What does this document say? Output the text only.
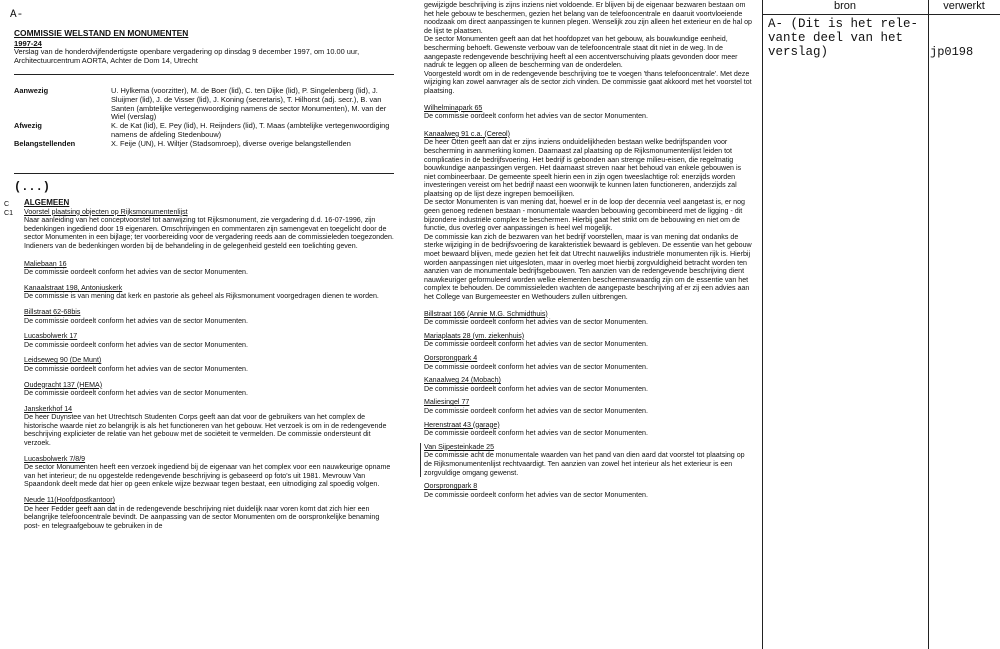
A-
COMMISSIE WELSTAND EN MONUMENTEN
1997-24
Verslag van de honderdvijfendertigste openbare vergadering op dinsdag 9 december 1997, om 10.00 uur, Architectuurcentrum AORTA, Achter de Dom 14, Utrecht
Aanwezig	U. Hylkema (voorzitter), M. de Boer (lid), C. ten Dijke (lid), P. Singelenberg (lid), J. Sluijmer (lid), J. de Visser (lid), J. Koning (secretaris), T. Hilhorst (adj. secr.), B. van Santen (ambtelijke vertegenwoordiging namens de sector Monumenten), M. van der Wiel (verslag)
Afwezig	K. de Kat (lid), E. Pey (lid), H. Reijnders (lid), T. Maas (ambtelijke vertegenwoordiging namens de afdeling Stedenbouw)
Belangstellenden	X. Feije (UN), H. Wiltjer (Stadsomroep), diverse overige belangstellenden
(...)
C
C1
ALGEMEEN
Voorstel plaatsing objecten op Rijksmonumentenlijst
Naar aanleiding van het conceptvoorstel tot aanwijzing tot Rijksmonument, zie vergadering d.d. 16-07-1996, zijn bedenkingen ingediend door 19 eigenaren. Omschrijvingen en commentaren zijn samengevat en toegelicht door de sector Monumenten in een bijlage; ter voorbereiding voor de vergadering reeds aan de commissieleden toegezonden. Indieners van de bedenkingen worden bij de behandeling in de gelegenheid gesteld een toelichting geven.
Maliebaan 16
De commissie oordeelt conform het advies van de sector Monumenten.
Kanaalstraat 198, Antoniuskerk
De commissie is van mening dat kerk en pastorie als geheel als Rijksmonument voorgedragen dienen te worden.
Billstraat 62-68bis
De commissie oordeelt conform het advies van de sector Monumenten.
Lucasbolwerk 17
De commissie oordeelt conform het advies van de sector Monumenten.
Leidseweg 90 (De Munt)
De commissie oordeelt conform het advies van de sector Monumenten.
Oudegracht 137 (HEMA)
De commissie oordeelt conform het advies van de sector Monumenten.
Janskerkhof 14
De heer Duynstee van het Utrechtsch Studenten Corps geeft aan dat voor de gebruikers van het complex de historische waarde niet zo belangrijk is als het functioneren van het gebouw. Het verzoek is om in de redengevende beschrijving explicieter de relatie van het gebouw met de sociëteit te vermelden. De commissie ondersteunt dit verzoek.
Lucasbolwerk 7/8/9
De sector Monumenten heeft een verzoek ingediend bij de eigenaar van het complex voor een nauwkeurige opname van het interieur; de nu opgestelde redengevende beschrijving is gebaseerd op foto's uit 1981. Mevrouw Van Spaandonk deelt mede dat hier op geen enkele wijze bezwaar tegen bestaat, een uitnodiging zal spoedig volgen.
Neude 11(Hoofdpostkantoor)
De heer Fedder geeft aan dat in de redengevende beschrijving niet duidelijk naar voren komt dat zich hier een belangrijke telefooncentrale bevindt. De aanpassing van de sector Monumenten om de oorspronkelijke benaming post- en telegraafgebouw te gebruiken in de
gewijzigde beschrijving is zijns inziens niet voldoende. Er blijven bij de eigenaar bezwaren bestaan om het hele gebouw te beschermen, gezien het belang van de telefooncentrale en daaruit voortvloeiende noodzaak om direct aanpassingen te kunnen plegen. Wenselijk zou zijn alleen het exterieur en de hal op de lijst te plaatsen.
De sector Monumenten geeft aan dat het hoofdopzet van het gebouw, als bouwkundige eenheid, bescherming behoeft. Gewenste verbouw van de telefooncentrale staat dit niet in de weg. In de aangepaste redengevende beschrijving heeft al een accentverschuiving plaats gevonden door meer nadruk te leggen op alleen de bescherming van de onderdelen.
Voorgesteld wordt om in de redengevende beschrijving toe te voegen 'thans telefooncentrale'. Met deze wijziging kan zowel aanvrager als de sector zich vinden. De commissie gaat akkoord met het voorstel tot plaatsing.
Wilhelminapark 65
De commissie oordeelt conform het advies van de sector Monumenten.
Kanaalweg 91 c.a. (Cereol)
De heer Otten geeft aan dat er zijns inziens onduidelijkheden bestaan welke bedrijfspanden voor bescherming in aanmerking komen. Daarnaast zal plaatsing op de Rijksmonumentenlijst leiden tot complicaties in de bedrijfsvoering. Het bedrijf is gebonden aan strenge milieu-eisen, die regelmatig bouwkundige aanpassingen vergen. Het daarnaast streven naar het behoud van enkele gebouwen is niet combineerbaar. De gemeente speelt hierin een in zijn ogen tweeslachtige rol: enerzijds worden investeringen vereist om het bedrijf naast een woonwijk te kunnen laten functioneren, anderzijds zal plaatsing op de lijst deze ingrepen bemoeilijken.
De sector Monumenten is van mening dat, hoewel er in de loop der decennia veel aangetast is, er nog geen genoeg redenen bestaan - monumentale waarden bebouwing gecombineerd met de ligging - dit bijzondere industriële complex te beschermen. Hierbij gaat het strikt om de bebouwing en niet om de functie, dus overleg over aanpassingen is heel wel mogelijk.
De commissie kan zich de bezwaren van het bedrijf voorstellen, maar is van mening dat ondanks de sterke wijziging in de bedrijfsvoering de karakteristiek bewaard is gebleven. De essentie van het gebouw moet bewaard blijven, mede gezien het feit dat Utrecht nauwelijks industriële monumenten rijk is. Hierbij worden aanpassingen niet uitgesloten, maar in overleg moet hierbij zorgvuldigheid betracht worden ten aanzien van de monumentale bedrijfsgebouwen. Ten aanzien van de redengevende beschrijving dient nauwkeuriger geformuleerd worden welke elementen beschermenswaardig zijn om de essentie van het complex te behouden. De commissieleden wachten de aangepaste beschrijving af er zij een advies aan het College van Burgemeester en Wethouders zullen uitbrengen.
Billstraat 166 (Annie M.G. Schmidthuis)
De commissie oordeelt conform het advies van de sector Monumenten.
Mariaplaats 28 (vm. ziekenhuis)
De commissie oordeelt conform het advies van de sector Monumenten.
Oorsprongpark 4
De commissie oordeelt conform het advies van de sector Monumenten.
Kanaalweg 24 (Mobach)
De commissie oordeelt conform het advies van de sector Monumenten.
Maliesingel 77
De commissie oordeelt conform het advies van de sector Monumenten.
Herenstraat 43 (garage)
De commissie oordeelt conform het advies van de sector Monumenten.
Van Sijpesteinkade 25
De commissie acht de monumentale waarden van het pand van dien aard dat voorstel tot plaatsing op de Rijksmonumentenlijst rechtvaardigt. Ten aanzien van zowel het interieur als het exterieur is een zorgvuldige omgang gewenst.
Oorsprongpark 8
De commissie oordeelt conform het advies van de sector Monumenten.
bron	verwerkt
A- (Dit is het rele-
vante deel van het
verslag)	jp0198
